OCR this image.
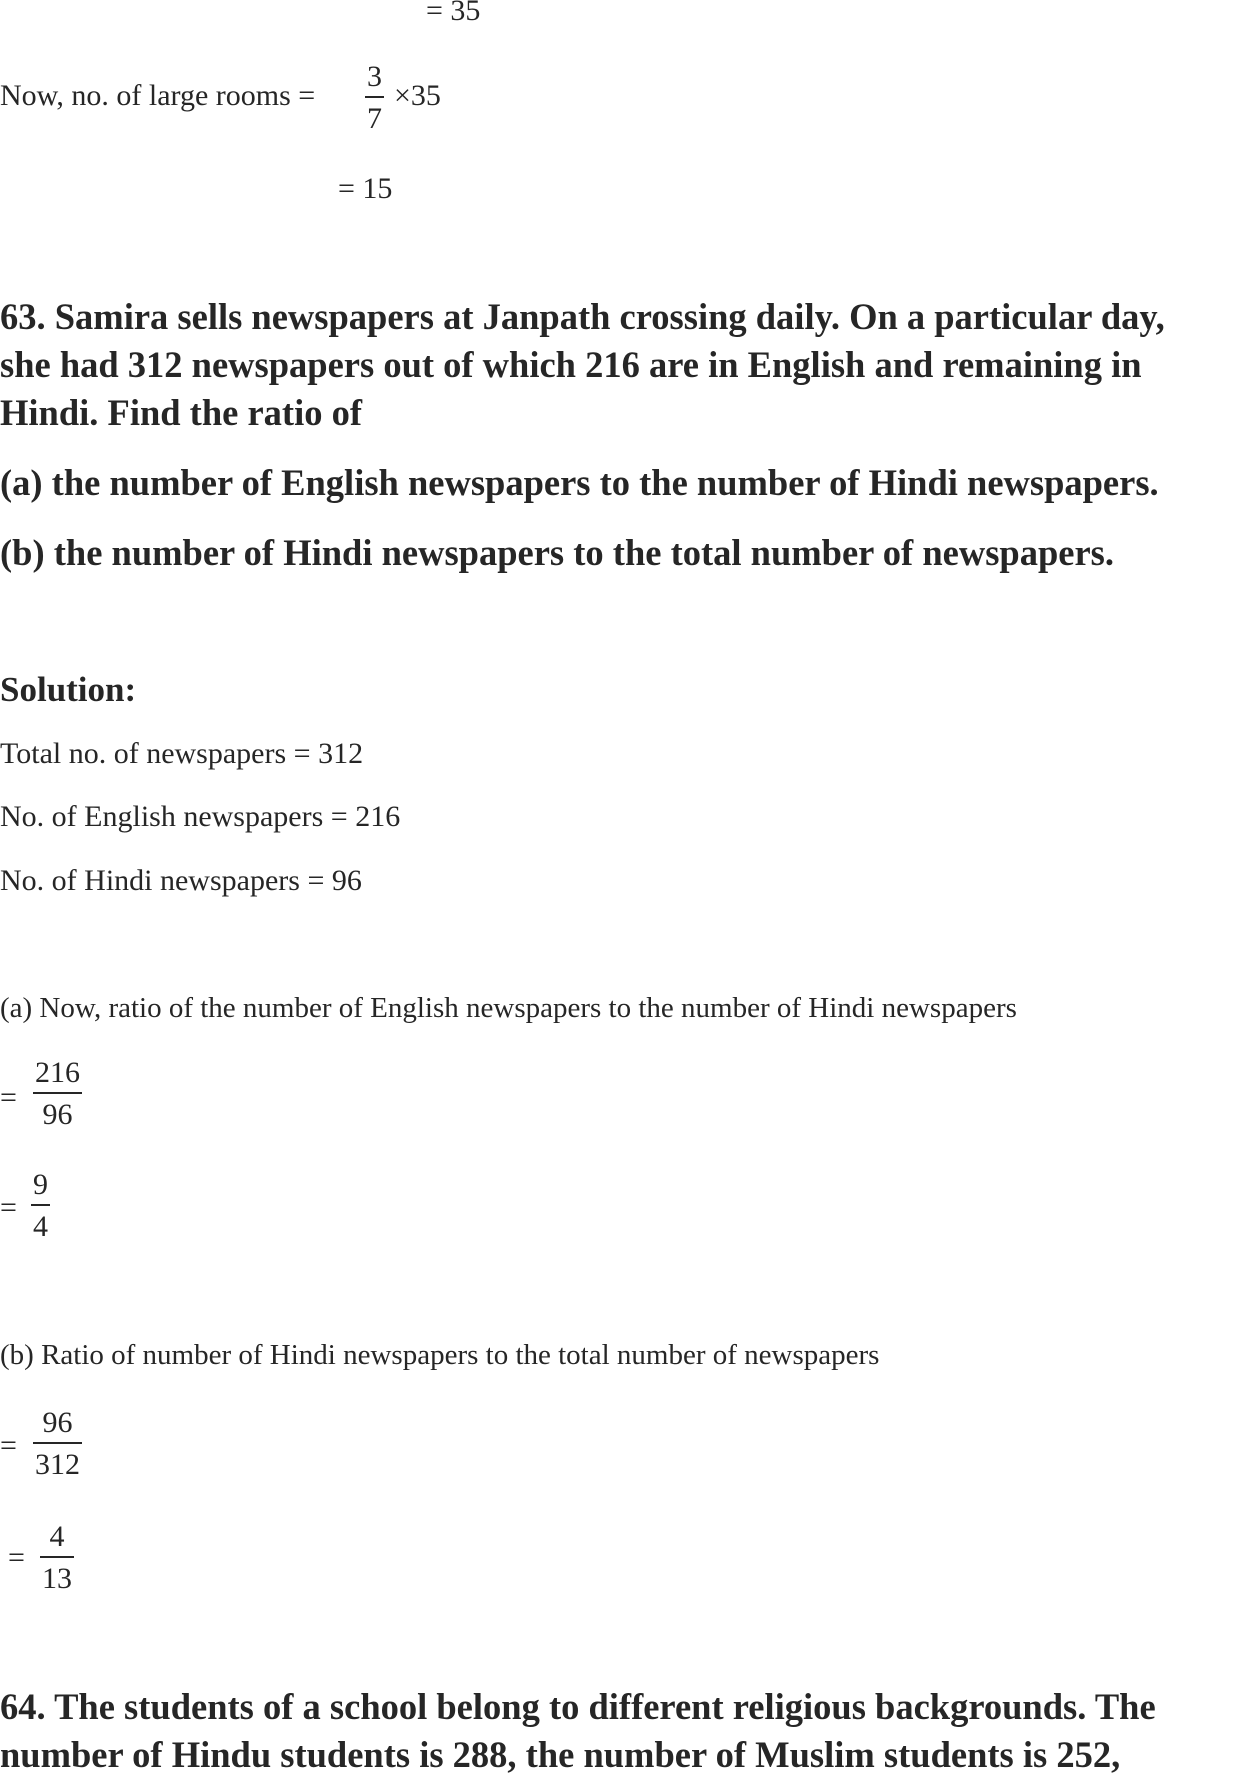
= 35
Now, no. of large rooms =
3
7
×35
= 15
63. Samira sells newspapers at Janpath crossing daily. On a particular day,
she had 312 newspapers out of which 216 are in English and remaining in
Hindi. Find the ratio of
(a) the number of English newspapers to the number of Hindi newspapers.
(b) the number of Hindi newspapers to the total number of newspapers.
Solution:
Total no. of newspapers = 312
No. of English newspapers = 216
No. of Hindi newspapers = 96
(a) Now, ratio of the number of English newspapers to the number of Hindi newspapers
=
216
96
=
9
4
(b) Ratio of number of Hindi newspapers to the total number of newspapers
=
96
312
=
4
13
64. The students of a school belong to different religious backgrounds. The
number of Hindu students is 288, the number of Muslim students is 252,
